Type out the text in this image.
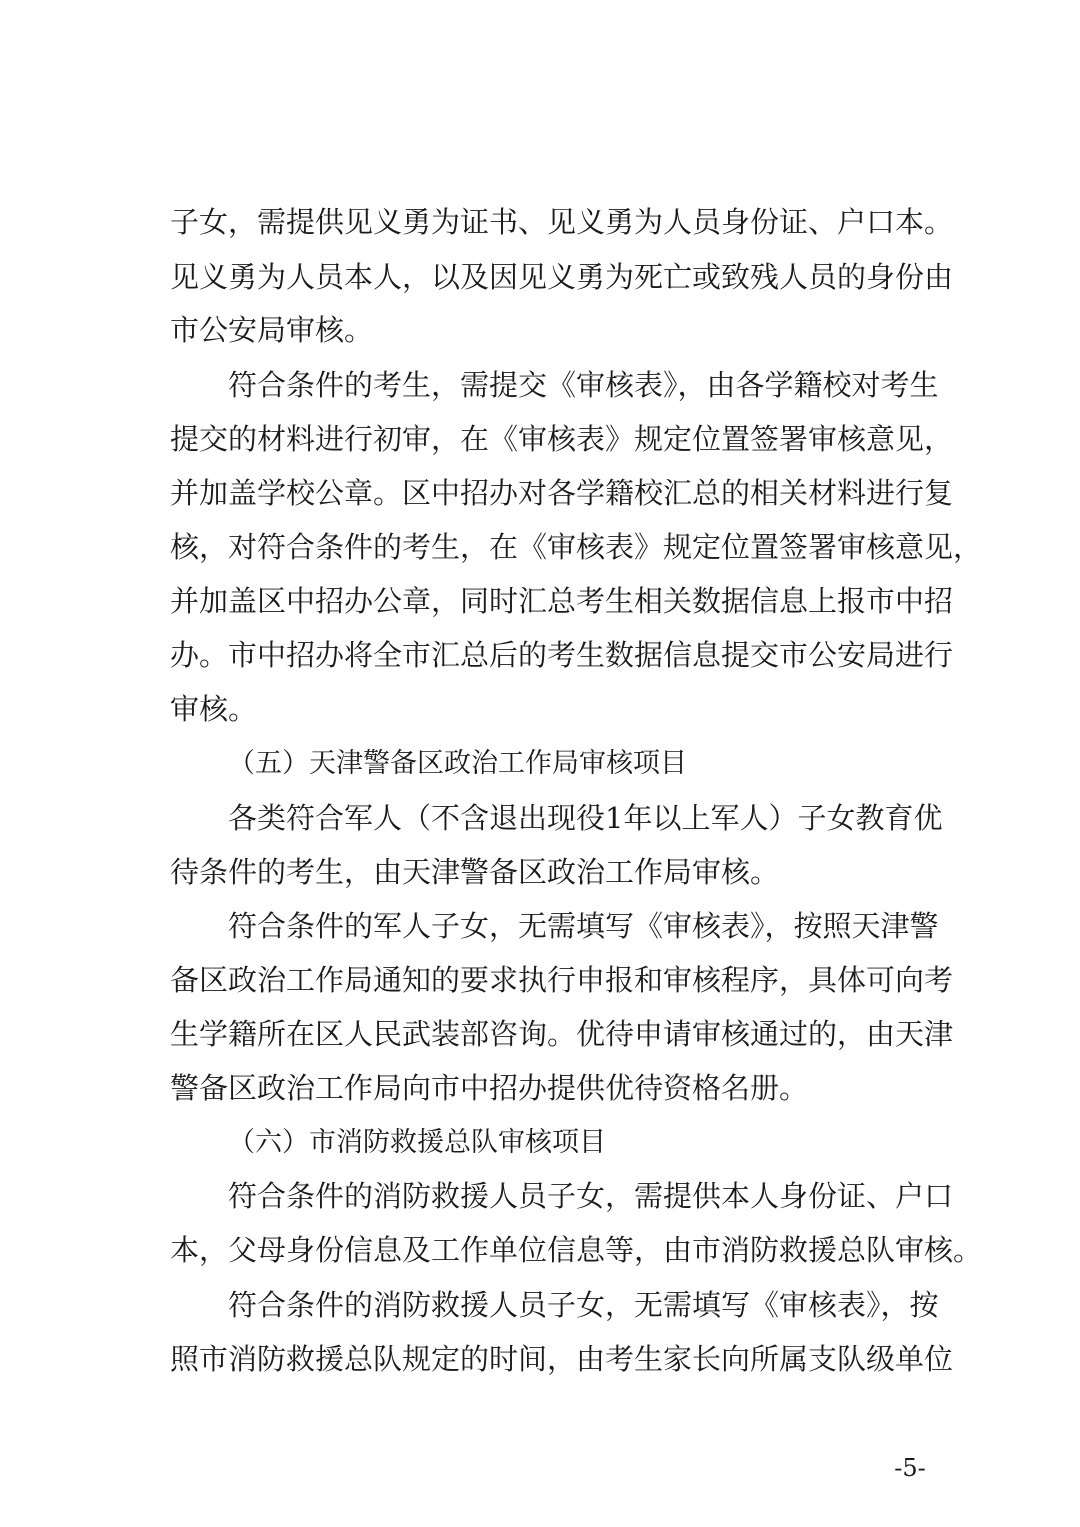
子女，需提供见义勇为证书、见义勇为人员身份证、户口本。
见义勇为人员本人，以及因见义勇为死亡或致残人员的身份由
市公安局审核。
符合条件的考生，需提交《审核表》，由各学籍校对考生
提交的材料进行初审，在《审核表》规定位置签署审核意见，
并加盖学校公章。区中招办对各学籍校汇总的相关材料进行复
核，对符合条件的考生，在《审核表》规定位置签署审核意见，
并加盖区中招办公章，同时汇总考生相关数据信息上报市中招
办。市中招办将全市汇总后的考生数据信息提交市公安局进行
审核。
（五）天津警备区政治工作局审核项目
各类符合军人（不含退出现役1年以上军人）子女教育优
待条件的考生，由天津警备区政治工作局审核。
符合条件的军人子女，无需填写《审核表》，按照天津警
备区政治工作局通知的要求执行申报和审核程序，具体可向考
生学籍所在区人民武装部咨询。优待申请审核通过的，由天津
警备区政治工作局向市中招办提供优待资格名册。
（六）市消防救援总队审核项目
符合条件的消防救援人员子女，需提供本人身份证、户口
本，父母身份信息及工作单位信息等，由市消防救援总队审核。
符合条件的消防救援人员子女，无需填写《审核表》，按
照市消防救援总队规定的时间，由考生家长向所属支队级单位
-5-
